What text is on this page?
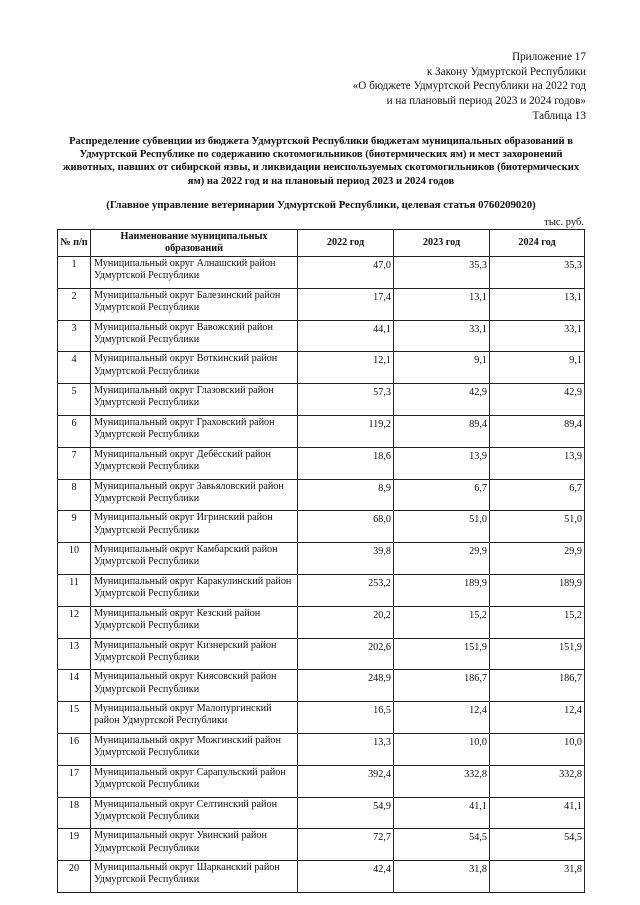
Приложение 17
к Закону Удмуртской Республики
«О бюджете Удмуртской Республики на 2022 год
и на плановый период 2023 и 2024 годов»
Таблица 13
Распределение субвенции из бюджета Удмуртской Республики бюджетам муниципальных образований в Удмуртской Республике по содержанию скотомогильников (биотермических ям) и мест захоронений животных, павших от сибирской язвы, и ликвидации неиспользуемых скотомогильников (биотермических ям) на 2022 год и на плановый период 2023 и 2024 годов
(Главное управление ветеринарии Удмуртской Республики, целевая статья 0760209020)
тыс. руб.
№ п/п	Наименование муниципальных образований	2022 год	2023 год	2024 год
1	Муниципальный округ Алнашский район Удмуртской Республики	47,0	35,3	35,3
2	Муниципальный округ Балезинский район Удмуртской Республики	17,4	13,1	13,1
3	Муниципальный округ Вавожский район Удмуртской Республики	44,1	33,1	33,1
4	Муниципальный округ Воткинский район Удмуртской Республики	12,1	9,1	9,1
5	Муниципальный округ Глазовский район Удмуртской Республики	57,3	42,9	42,9
6	Муниципальный округ Граховский район Удмуртской Республики	119,2	89,4	89,4
7	Муниципальный округ Дебёсский район Удмуртской Республики	18,6	13,9	13,9
8	Муниципальный округ Завьяловский район Удмуртской Республики	8,9	6,7	6,7
9	Муниципальный округ Игринский район Удмуртской Республики	68,0	51,0	51,0
10	Муниципальный округ Камбарский район Удмуртской Республики	39,8	29,9	29,9
11	Муниципальный округ Каракулинский район Удмуртской Республики	253,2	189,9	189,9
12	Муниципальный округ Кезский район Удмуртской Республики	20,2	15,2	15,2
13	Муниципальный округ Кизнерский район Удмуртской Республики	202,6	151,9	151,9
14	Муниципальный округ Киясовский район Удмуртской Республики	248,9	186,7	186,7
15	Муниципальный округ Малопургинский район Удмуртской Республики	16,5	12,4	12,4
16	Муниципальный округ Можгинский район Удмуртской Республики	13,3	10,0	10,0
17	Муниципальный округ Сарапульский район Удмуртской Республики	392,4	332,8	332,8
18	Муниципальный округ Селтинский район Удмуртской Республики	54,9	41,1	41,1
19	Муниципальный округ Увинский район Удмуртской Республики	72,7	54,5	54,5
20	Муниципальный округ Шарканский район Удмуртской Республики	42,4	31,8	31,8
